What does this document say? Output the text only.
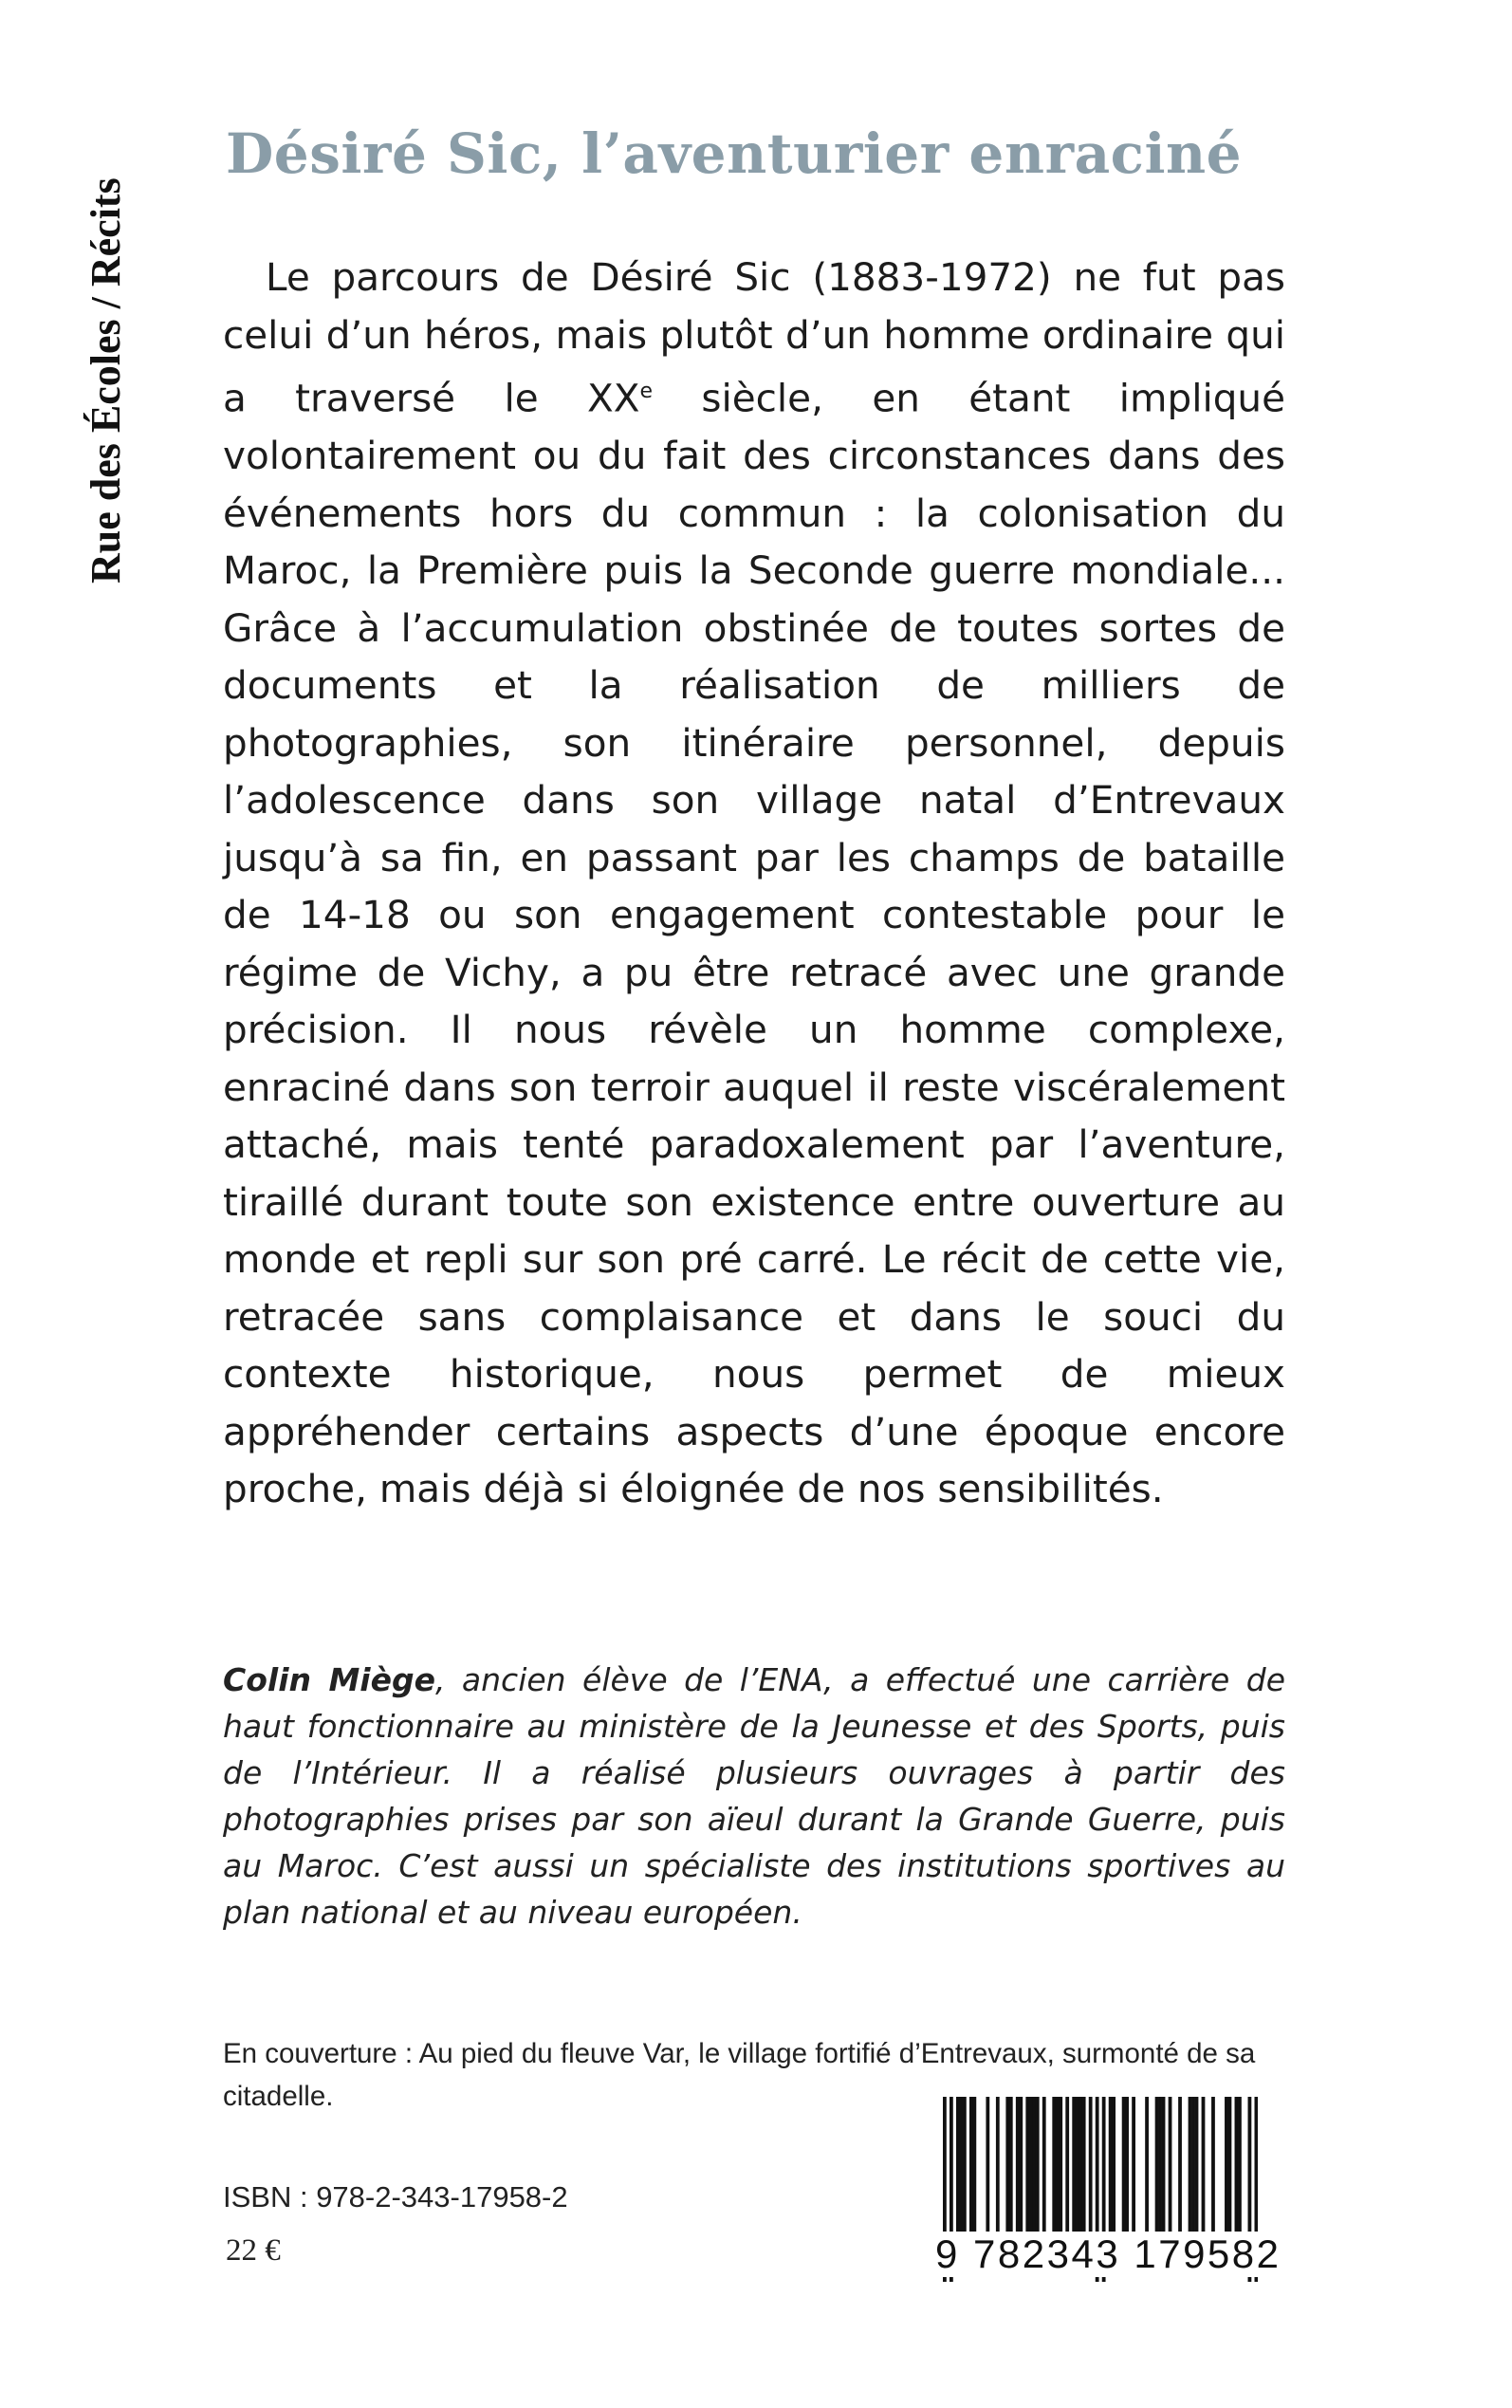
Rue des Écoles / Récits
Désiré Sic, l’aventurier enraciné

Le parcours de Désiré Sic (1883-1972) ne fut pas celui d’un héros, mais plutôt d’un homme ordinaire qui a traversé le XXe siècle, en étant impliqué volontairement ou du fait des circonstances dans des événements hors du commun : la colonisation du Maroc, la Première puis la Seconde guerre mondiale... Grâce à l’accumulation obstinée de toutes sortes de documents et la réalisation de milliers de photographies, son itinéraire personnel, depuis l’adolescence dans son village natal d’Entrevaux jusqu’à sa fin, en passant par les champs de bataille de 14-18 ou son engagement contestable pour le régime de Vichy, a pu être retracé avec une grande précision. Il nous révèle un homme complexe, enraciné dans son terroir auquel il reste viscéralement attaché, mais tenté paradoxalement par l’aventure, tiraillé durant toute son existence entre ouverture au monde et repli sur son pré carré. Le récit de cette vie, retracée sans complaisance et dans le souci du contexte historique, nous permet de mieux appréhender certains aspects d’une époque encore proche, mais déjà si éloignée de nos sensibilités.

Colin Miège, ancien élève de l’ENA, a effectué une carrière de haut fonctionnaire au ministère de la Jeunesse et des Sports, puis de l’Intérieur. Il a réalisé plusieurs ouvrages à partir des photographies prises par son aïeul durant la Grande Guerre, puis au Maroc. C’est aussi un spécialiste des institutions sportives au plan national et au niveau européen.

En couverture : Au pied du fleuve Var, le village fortifié d’Entrevaux, surmonté de sa citadelle.

ISBN : 978-2-343-17958-2
22 €	9 782343 179582
